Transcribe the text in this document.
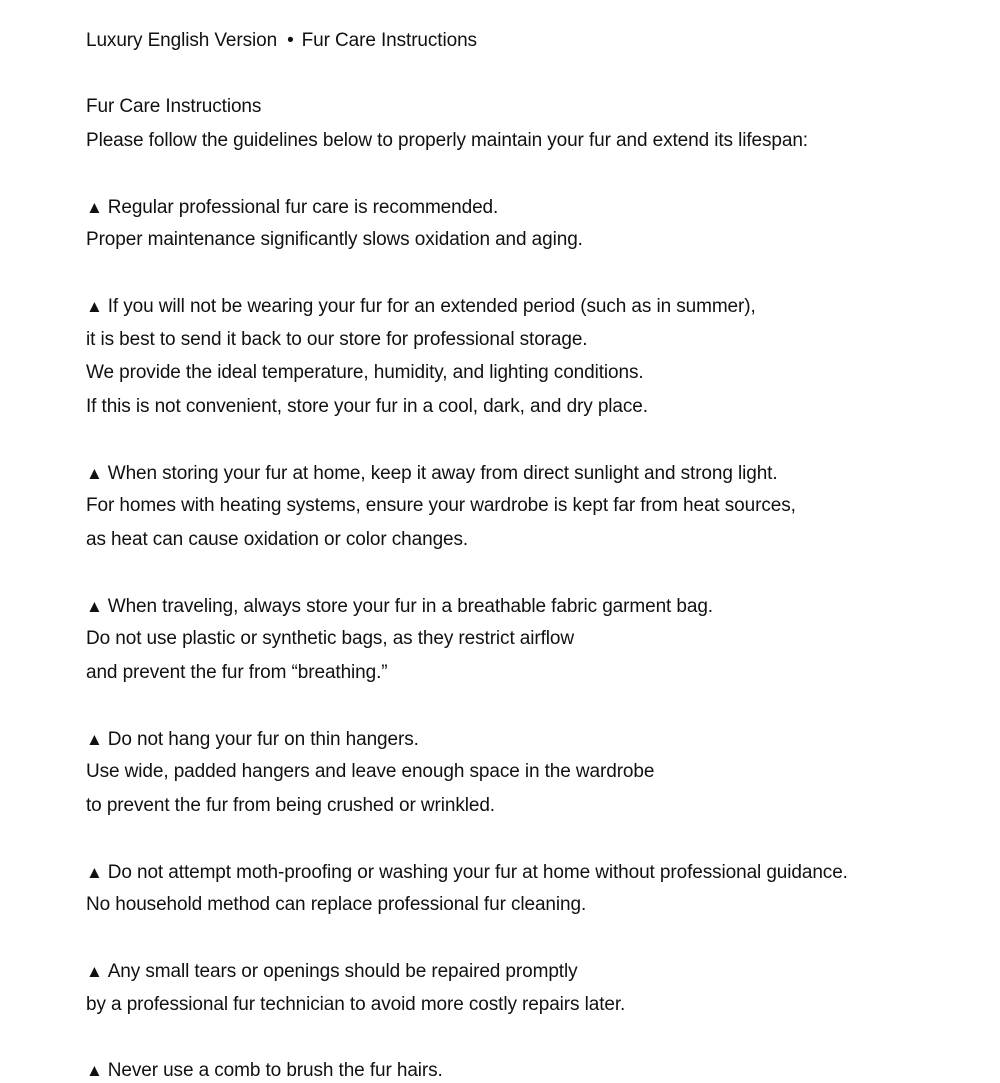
Luxury English Version • Fur Care Instructions
Fur Care Instructions
Please follow the guidelines below to properly maintain your fur and extend its lifespan:
▲ Regular professional fur care is recommended.
Proper maintenance significantly slows oxidation and aging.
▲ If you will not be wearing your fur for an extended period (such as in summer),
it is best to send it back to our store for professional storage.
We provide the ideal temperature, humidity, and lighting conditions.
If this is not convenient, store your fur in a cool, dark, and dry place.
▲ When storing your fur at home, keep it away from direct sunlight and strong light.
For homes with heating systems, ensure your wardrobe is kept far from heat sources,
as heat can cause oxidation or color changes.
▲ When traveling, always store your fur in a breathable fabric garment bag.
Do not use plastic or synthetic bags, as they restrict airflow
and prevent the fur from “breathing.”
▲ Do not hang your fur on thin hangers.
Use wide, padded hangers and leave enough space in the wardrobe
to prevent the fur from being crushed or wrinkled.
▲ Do not attempt moth-proofing or washing your fur at home without professional guidance.
No household method can replace professional fur cleaning.
▲ Any small tears or openings should be repaired promptly
by a professional fur technician to avoid more costly repairs later.
▲ Never use a comb to brush the fur hairs.
